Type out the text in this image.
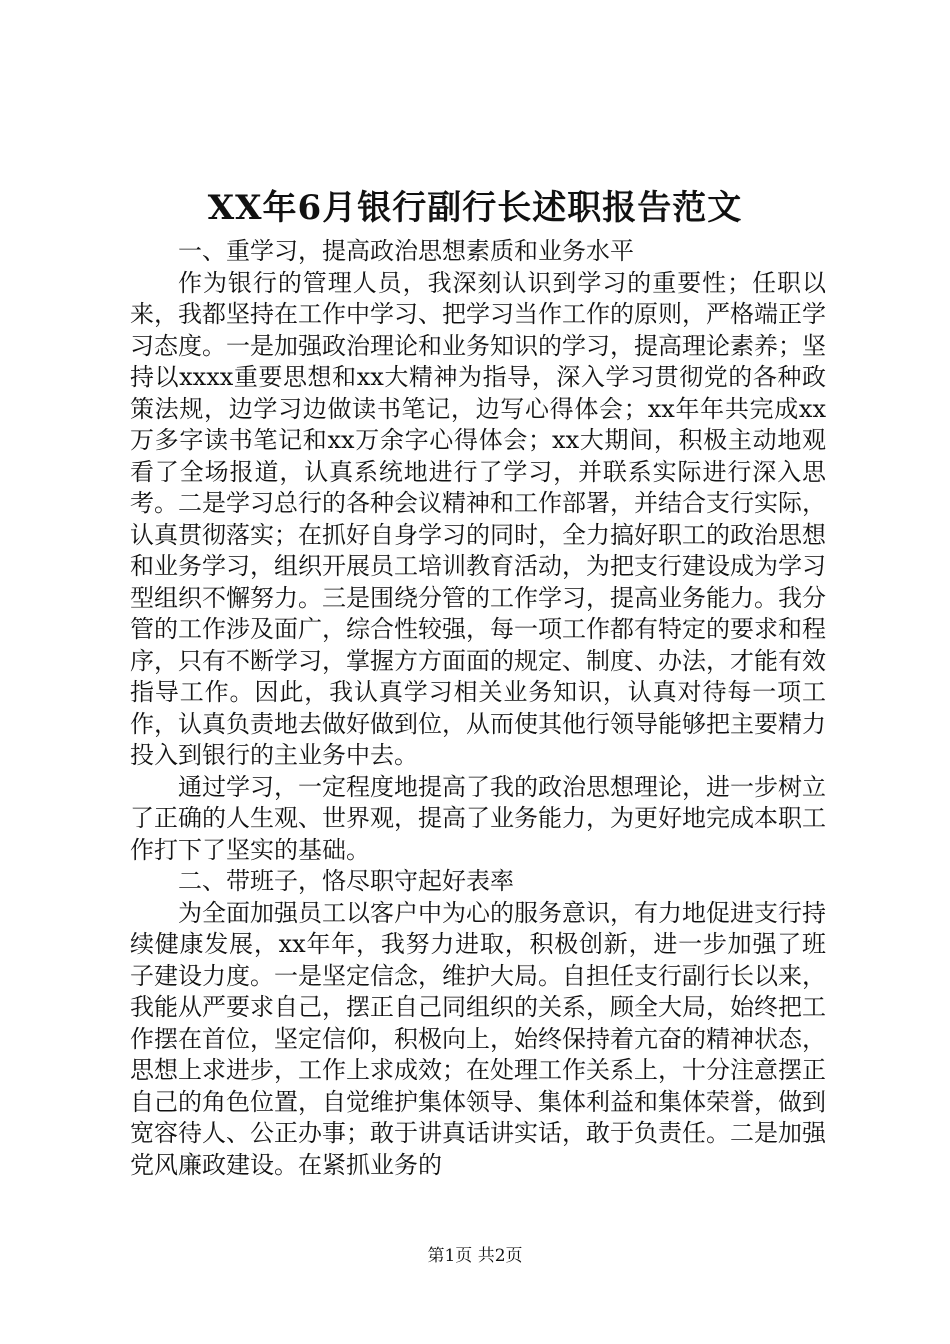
XX年6月银行副行长述职报告范文

一、重学习，提高政治思想素质和业务水平

作为银行的管理人员，我深刻认识到学习的重要性；任职以来，我都坚持在工作中学习、把学习当作工作的原则，严格端正学习态度。一是加强政治理论和业务知识的学习，提高理论素养；坚持以xxxx重要思想和xx大精神为指导，深入学习贯彻党的各种政策法规，边学习边做读书笔记，边写心得体会；xx年年共完成xx万多字读书笔记和xx万余字心得体会；xx大期间，积极主动地观看了全场报道，认真系统地进行了学习，并联系实际进行深入思考。二是学习总行的各种会议精神和工作部署，并结合支行实际，认真贯彻落实；在抓好自身学习的同时，全力搞好职工的政治思想和业务学习，组织开展员工培训教育活动，为把支行建设成为学习型组织不懈努力。三是围绕分管的工作学习，提高业务能力。我分管的工作涉及面广，综合性较强，每一项工作都有特定的要求和程序，只有不断学习，掌握方方面面的规定、制度、办法，才能有效指导工作。因此，我认真学习相关业务知识，认真对待每一项工作，认真负责地去做好做到位，从而使其他行领导能够把主要精力投入到银行的主业务中去。

通过学习，一定程度地提高了我的政治思想理论，进一步树立了正确的人生观、世界观，提高了业务能力，为更好地完成本职工作打下了坚实的基础。

二、带班子，恪尽职守起好表率

为全面加强员工以客户中为心的服务意识，有力地促进支行持续健康发展，xx年年，我努力进取，积极创新，进一步加强了班子建设力度。一是坚定信念，维护大局。自担任支行副行长以来，我能从严要求自己，摆正自己同组织的关系，顾全大局，始终把工作摆在首位，坚定信仰，积极向上，始终保持着亢奋的精神状态，思想上求进步，工作上求成效；在处理工作关系上，十分注意摆正自己的角色位置，自觉维护集体领导、集体利益和集体荣誉，做到宽容待人、公正办事；敢于讲真话讲实话，敢于负责任。二是加强党风廉政建设。在紧抓业务的

第1页 共2页
